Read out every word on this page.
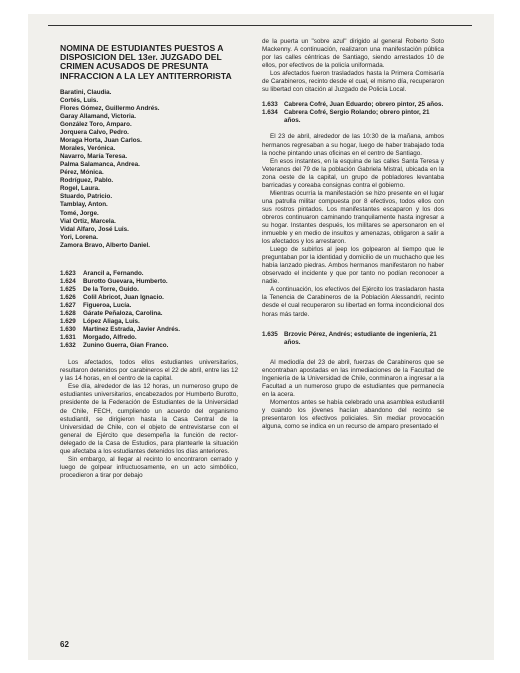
NOMINA DE ESTUDIANTES PUESTOS A DISPOSICION DEL 13er. JUZGADO DEL CRIMEN ACUSADOS DE PRESUNTA INFRACCION A LA LEY ANTITERRORISTA
Baratini, Claudia.
Cortés, Luis.
Flores Gómez, Guillermo Andrés.
Garay Allamand, Victoria.
González Toro, Amparo.
Jorquera Calvo, Pedro.
Moraga Horta, Juan Carlos.
Morales, Verónica.
Navarro, María Teresa.
Palma Salamanca, Andrea.
Pérez, Mónica.
Rodríguez, Pablo.
Rogel, Laura.
Stuardo, Patricio.
Tamblay, Anton.
Tomé, Jorge.
Vial Ortiz, Marcela.
Vidal Alfaro, José Luis.
Yori, Lorena.
Zamora Bravo, Alberto Daniel.
1.623	Arancil a, Fernando.
1.624	Burotto Guevara, Humberto.
1.625	De la Torre, Guido.
1.626	Colil Abricot, Juan Ignacio.
1.627	Figueroa, Lucía.
1.628	Gárate Peñaloza, Carolina.
1.629	López Aliaga, Luis.
1.630	Martínez Estrada, Javier Andrés.
1.631	Morgado, Alfredo.
1.632	Zunino Guerra, Gian Franco.

Los afectados, todos ellos estudiantes universitarios, resultaron detenidos por carabineros el 22 de abril, entre las 12 y las 14 horas, en el centro de la capital.

Ese día, alrededor de las 12 horas, un numeroso grupo de estudiantes universitarios, encabezados por Humberto Burotto, presidente de la Federación de Estudiantes de la Universidad de Chile, FECH, cumpliendo un acuerdo del organismo estudiantil, se dirigieron hasta la Casa Central de la Universidad de Chile, con el objeto de entrevistarse con el general de Ejército que desempeña la función de rector-delegado de la Casa de Estudios, para plantearle la situación que afectaba a los estudiantes detenidos los días anteriores.

Sin embargo, al llegar al recinto lo encontraron cerrado y luego de golpear infructuosamente, en un acto simbólico, procedieron a tirar por debajo

de la puerta un "sobre azul" dirigido al general Roberto Soto Mackenny. A continuación, realizaron una manifestación pública por las calles céntricas de Santiago, siendo arrestados 10 de ellos, por efectivos de la policía uniformada.

Los afectados fueron trasladados hasta la Primera Comisaría de Carabineros, recinto desde el cual, el mismo día, recuperaron su libertad con citación al Juzgado de Policía Local.

1.633 Cabrera Cofré, Juan Eduardo; obrero pintor, 25 años.
1.634 Cabrera Cofré, Sergio Rolando; obrero pintor, 21 años.

El 23 de abril, alrededor de las 10:30 de la mañana, ambos hermanos regresaban a su hogar, luego de haber trabajado toda la noche pintando unas oficinas en el centro de Santiago.

En esos instantes, en la esquina de las calles Santa Teresa y Veteranos del 79 de la población Gabriela Mistral, ubicada en la zona oeste de la capital, un grupo de pobladores levantaba barricadas y coreaba consignas contra el gobierno.

Mientras ocurría la manifestación se hizo presente en el lugar una patrulla militar compuesta por 8 efectivos, todos ellos con sus rostros pintados. Los manifestantes escaparon y los dos obreros continuaron caminando tranquilamente hasta ingresar a su hogar. Instantes después, los militares se apersonaron en el inmueble y en medio de insultos y amenazas, obligaron a salir a los afectados y los arrestaron.

Luego de subirlos al jeep los golpearon al tiempo que le preguntaban por la identidad y domicilio de un muchacho que les había lanzado piedras. Ambos hermanos manifestaron no haber observado el incidente y que por tanto no podían reconocer a nadie.

A continuación, los efectivos del Ejército los trasladaron hasta la Tenencia de Carabineros de la Población Alessandri, recinto desde el cual recuperaron su libertad en forma incondicional dos horas más tarde.

1.635 Brzovic Pérez, Andrés; estudiante de ingeniería, 21 años.

Al mediodía del 23 de abril, fuerzas de Carabineros que se encontraban apostadas en las inmediaciones de la Facultad de Ingeniería de la Universidad de Chile, conminaron a ingresar a la Facultad a un numeroso grupo de estudiantes que permanecía en la acera.

Momentos antes se había celebrado una asamblea estudiantil y cuando los jóvenes hacían abandono del recinto se presentaron los efectivos policiales. Sin mediar provocación alguna, como se indica en un recurso de amparo presentado el

62
